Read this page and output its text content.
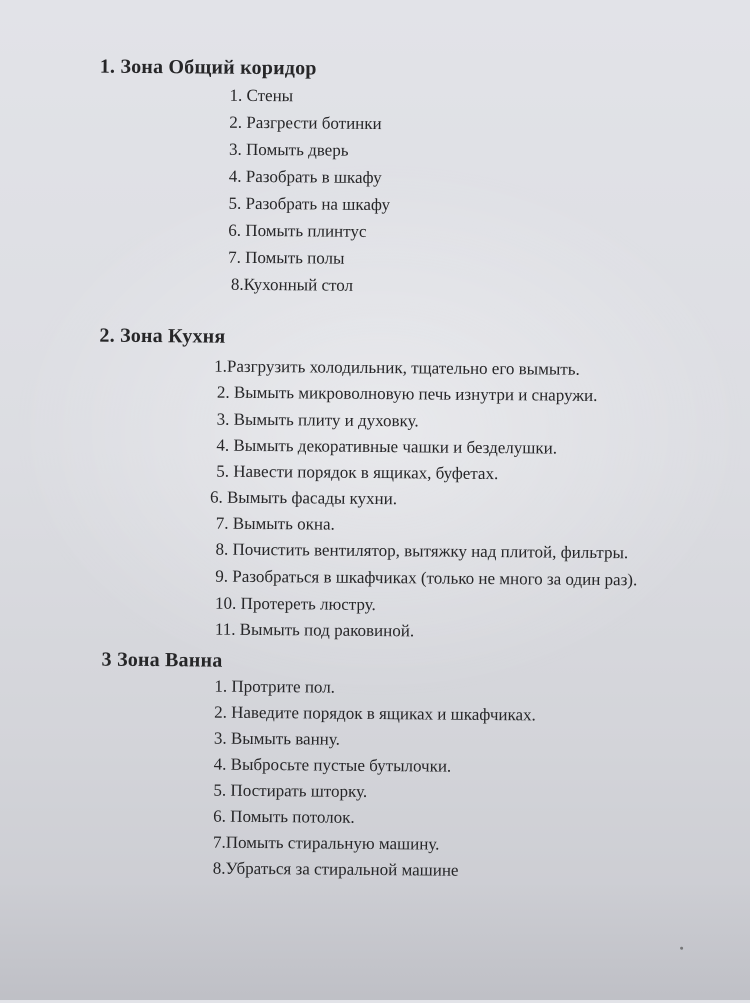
1. Зона Общий коридор
1. Стены
2. Разгрести ботинки
3. Помыть дверь
4. Разобрать в шкафу
5. Разобрать на шкафу
6. Помыть плинтус
7. Помыть полы
8.Кухонный стол
2. Зона Кухня
1.Разгрузить холодильник, тщательно его вымыть.
2. Вымыть микроволновую печь изнутри и снаружи.
3. Вымыть плиту и духовку.
4. Вымыть декоративные чашки и безделушки.
5. Навести порядок в ящиках, буфетах.
6. Вымыть фасады кухни.
7. Вымыть окна.
8. Почистить вентилятор, вытяжку над плитой, фильтры.
9. Разобраться в шкафчиках (только не много за один раз).
10. Протереть люстру.
11. Вымыть под раковиной.
3 Зона Ванна
1. Протрите пол.
2. Наведите порядок в ящиках и шкафчиках.
3. Вымыть ванну.
4. Выбросьте пустые бутылочки.
5. Постирать шторку.
6. Помыть потолок.
7.Помыть стиральную машину.
8.Убраться за стиральной машине
